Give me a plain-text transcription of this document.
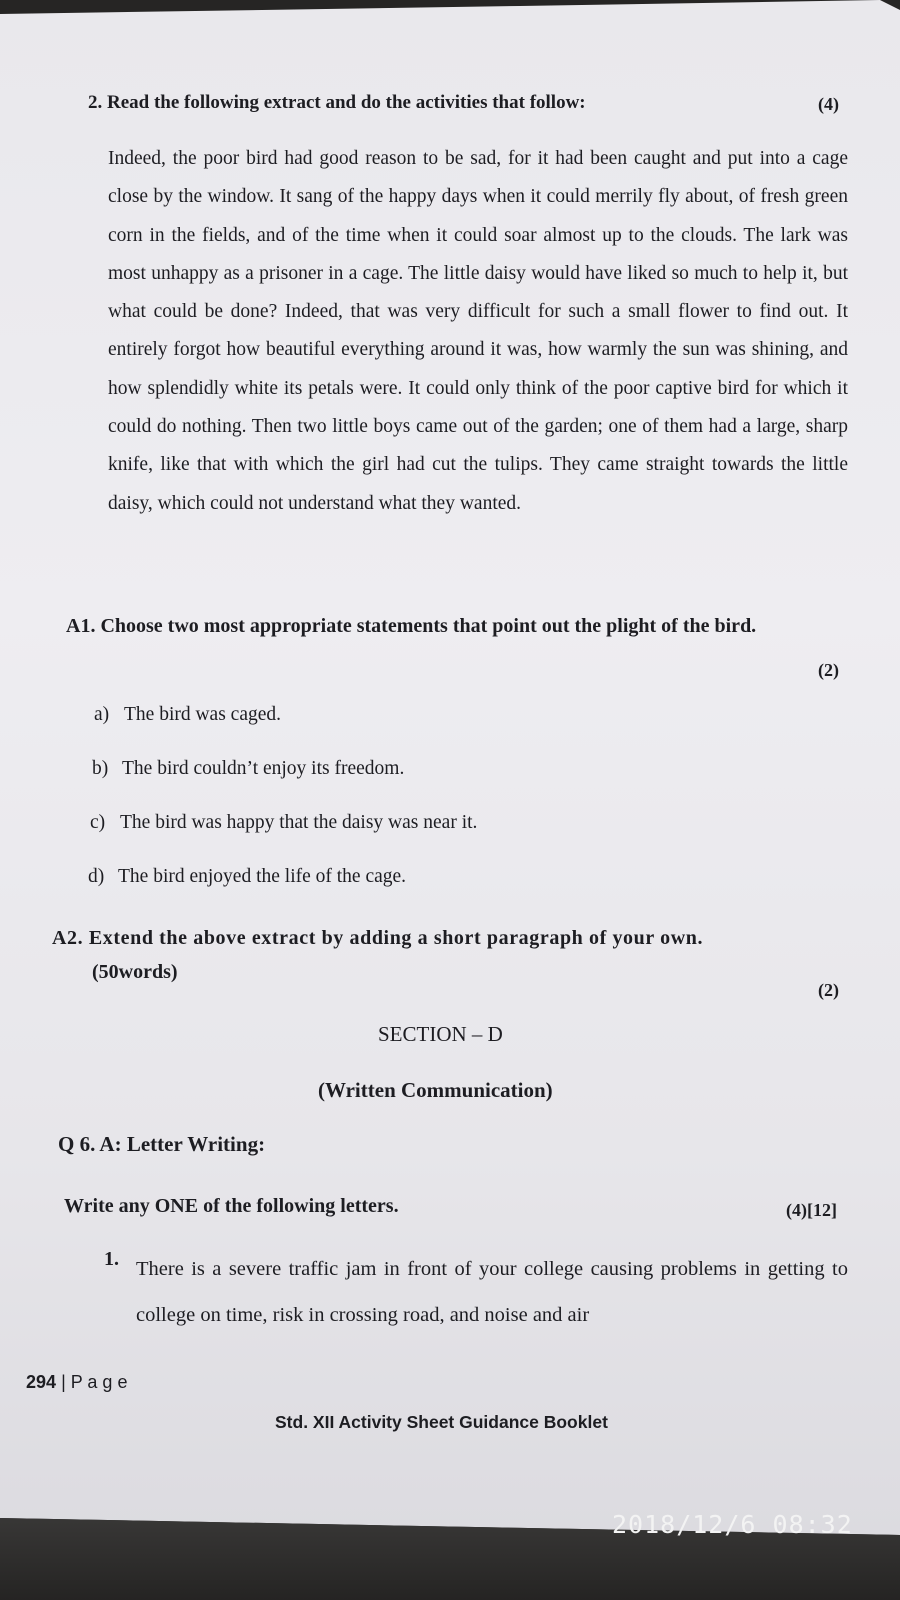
2. Read the following extract and do the activities that follow:	(4)

Indeed, the poor bird had good reason to be sad, for it had been caught and put into a cage close by the window. It sang of the happy days when it could merrily fly about, of fresh green corn in the fields, and of the time when it could soar almost up to the clouds. The lark was most unhappy as a prisoner in a cage. The little daisy would have liked so much to help it, but what could be done? Indeed, that was very difficult for such a small flower to find out. It entirely forgot how beautiful everything around it was, how warmly the sun was shining, and how splendidly white its petals were. It could only think of the poor captive bird for which it could do nothing. Then two little boys came out of the garden; one of them had a large, sharp knife, like that with which the girl had cut the tulips. They came straight towards the little daisy, which could not understand what they wanted.

A1. Choose two most appropriate statements that point out the plight of the bird.
(2)
a) The bird was caged.
b) The bird couldn’t enjoy its freedom.
c) The bird was happy that the daisy was near it.
d) The bird enjoyed the life of the cage.
A2. Extend the above extract by adding a short paragraph of your own.
(50words)
(2)
SECTION – D
(Written Communication)
Q 6. A: Letter Writing:
Write any ONE of the following letters.	(4)[12]
1. There is a severe traffic jam in front of your college causing problems in getting to college on time, risk in crossing road, and noise and air
294 | P a g e
Std. XII Activity Sheet Guidance Booklet
2018/12/6 08:32
